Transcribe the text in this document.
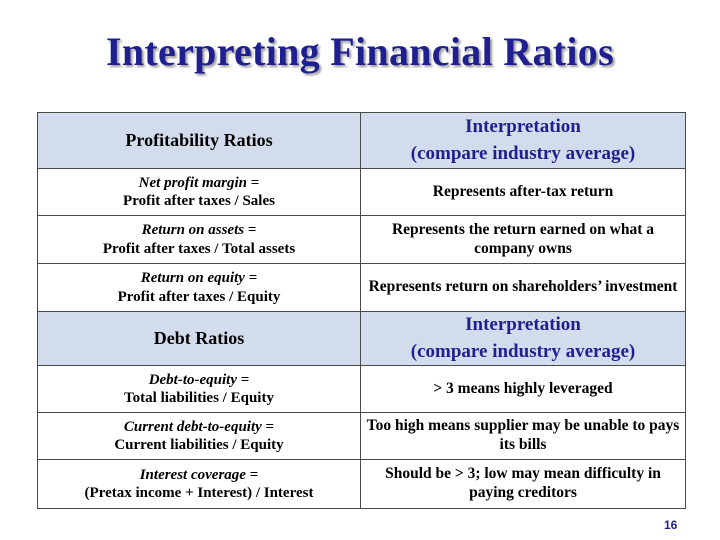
Interpreting Financial Ratios
Profitability Ratios	Interpretation
(compare industry average)
Net profit margin =
Profit after taxes / Sales	Represents after-tax return
Return on assets =
Profit after taxes / Total assets	Represents the return earned on what a company owns
Return on equity =
Profit after taxes / Equity	Represents return on shareholders’ investment
Debt Ratios	Interpretation
(compare industry average)
Debt-to-equity =
Total liabilities / Equity	> 3 means highly leveraged
Current debt-to-equity =
Current liabilities / Equity	Too high means supplier may be unable to pays its bills
Interest coverage =
(Pretax income + Interest) / Interest	Should be > 3; low may mean difficulty in paying creditors
16
